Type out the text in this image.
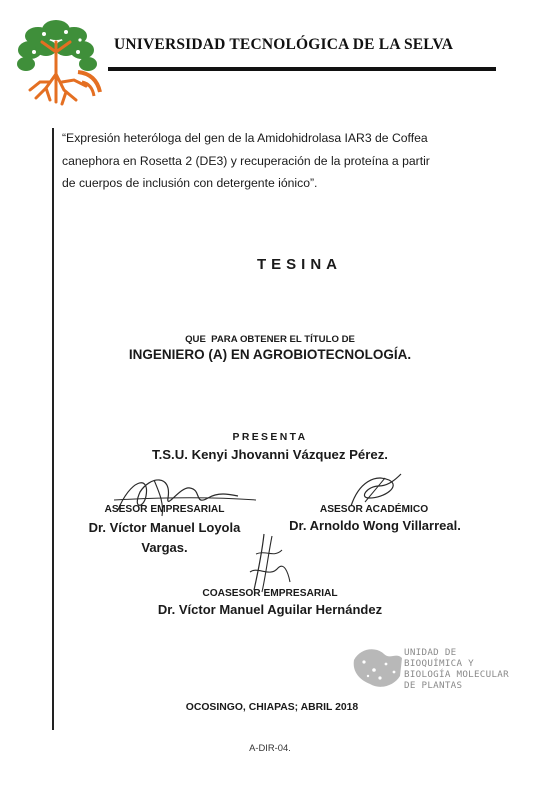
UNIVERSIDAD TECNOLÓGICA DE LA SELVA
“Expresión heteróloga del gen de la Amidohidrolasa IAR3 de Coffea
canephora en Rosetta 2 (DE3) y recuperación de la proteína a partir
de cuerpos de inclusión con detergente iónico”.
TESINA
QUE  PARA OBTENER EL TÍTULO DE
INGENIERO (A) EN AGROBIOTECNOLOGÍA.
PRESENTA
T.S.U. Kenyi Jhovanni Vázquez Pérez.
ASESOR EMPRESARIAL
Dr. Víctor Manuel Loyola
Vargas.
ASESOR ACADÉMICO
Dr. Arnoldo Wong Villarreal.
COASESOR EMPRESARIAL
Dr. Víctor Manuel Aguilar Hernández
UNIDAD DE
BIOQUÍMICA Y
BIOLOGÍA MOLECULAR
DE PLANTAS
OCOSINGO, CHIAPAS; ABRIL 2018
A-DIR-04.
